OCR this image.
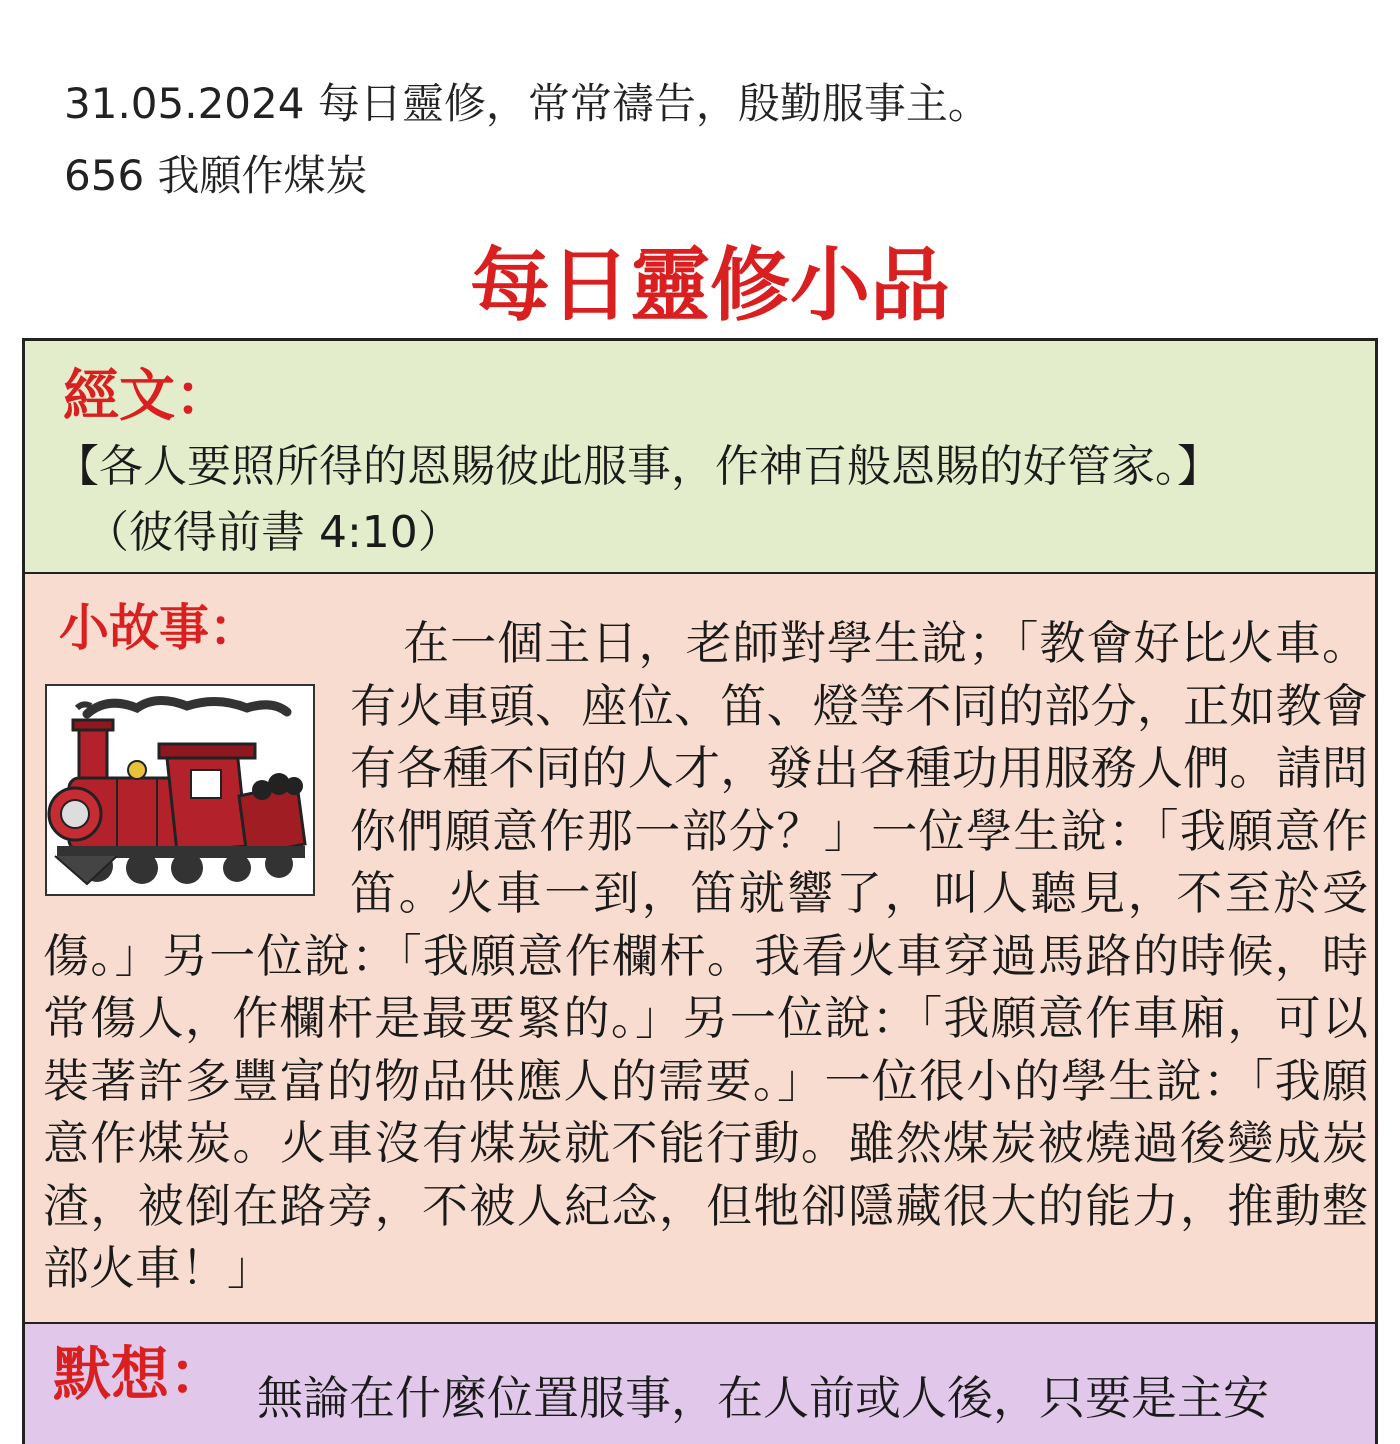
31.05.2024 每日靈修，常常禱告，殷勤服事主。
656 我願作煤炭
每日靈修小品
經文：
【各人要照所得的恩賜彼此服事，作神百般恩賜的好管家。】
（彼得前書 4:10）
小故事：	在一個主日，老師對學生說；「教會好比火車。有火車頭、座位、笛、燈等不同的部分，正如教會有各種不同的人才，發出各種功用服務人們。請問你們願意作那一部分？」一位學生說：「我願意作笛。火車一到，笛就響了，叫人聽見，不至於受傷。」另一位說：「我願意作欄杆。我看火車穿過馬路的時候，時常傷人，作欄杆是最要緊的。」另一位說：「我願意作車廂，可以裝著許多豐富的物品供應人的需要。」一位很小的學生說：「我願意作煤炭。火車沒有煤炭就不能行動。雖然煤炭被燒過後變成炭渣，被倒在路旁，不被人紀念，但牠卻隱藏很大的能力，推動整部火車！」

默想： 無論在什麼位置服事，在人前或人後，只要是主安
